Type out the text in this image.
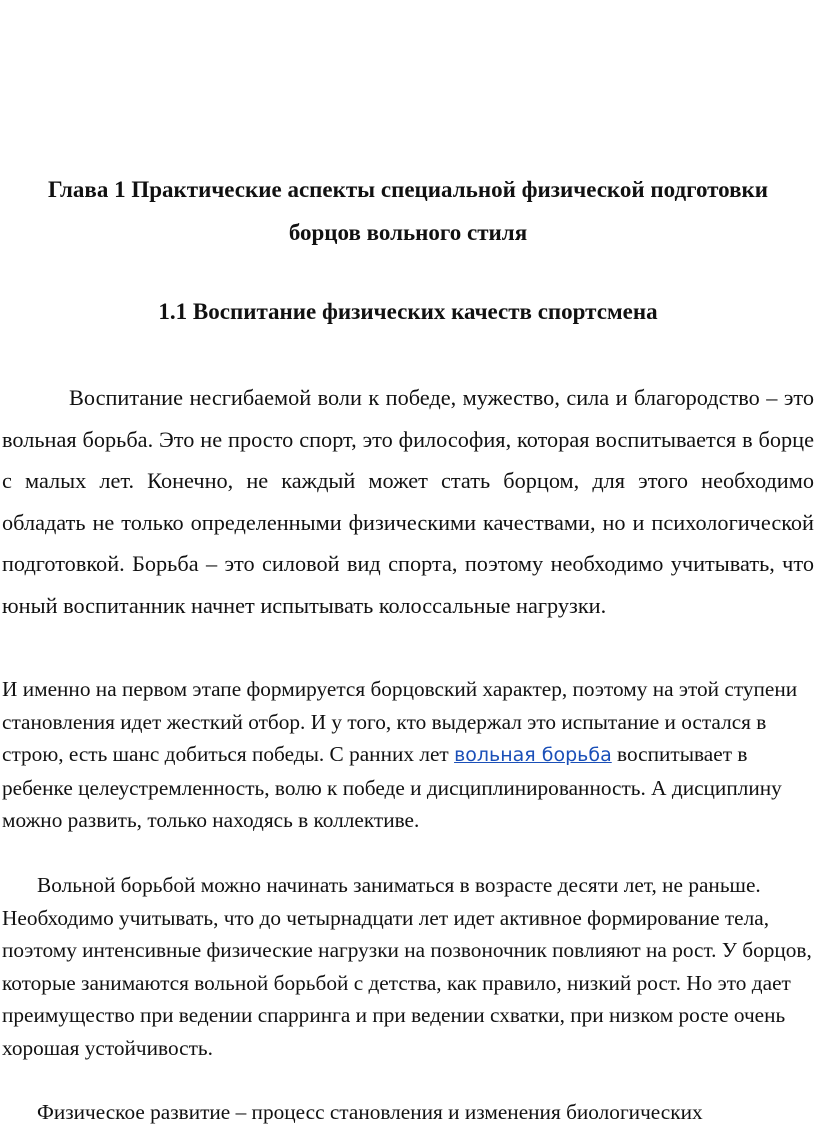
Глава 1 Практические аспекты специальной физической подготовки
борцов вольного стиля
1.1 Воспитание физических качеств спортсмена

Воспитание несгибаемой воли к победе, мужество, сила и благородство – это вольная борьба. Это не просто спорт, это философия, которая воспитывается в борце с малых лет. Конечно, не каждый может стать борцом, для этого необходимо обладать не только определенными физическими качествами, но и психологической подготовкой. Борьба – это силовой вид спорта, поэтому необходимо учитывать, что юный воспитанник начнет испытывать колоссальные нагрузки.

И именно на первом этапе формируется борцовский характер, поэтому на этой ступени становления идет жесткий отбор. И у того, кто выдержал это испытание и остался в строю, есть шанс добиться победы. С ранних лет вольная борьба воспитывает в ребенке целеустремленность, волю к победе и дисциплинированность. А дисциплину можно развить, только находясь в коллективе.

Вольной борьбой можно начинать заниматься в возрасте десяти лет, не раньше. Необходимо учитывать, что до четырнадцати лет идет активное формирование тела, поэтому интенсивные физические нагрузки на позвоночник повлияют на рост. У борцов, которые занимаются вольной борьбой с детства, как правило, низкий рост. Но это дает преимущество при ведении спарринга и при ведении схватки, при низком росте очень хорошая устойчивость.

Физическое развитие – процесс становления и изменения биологических
